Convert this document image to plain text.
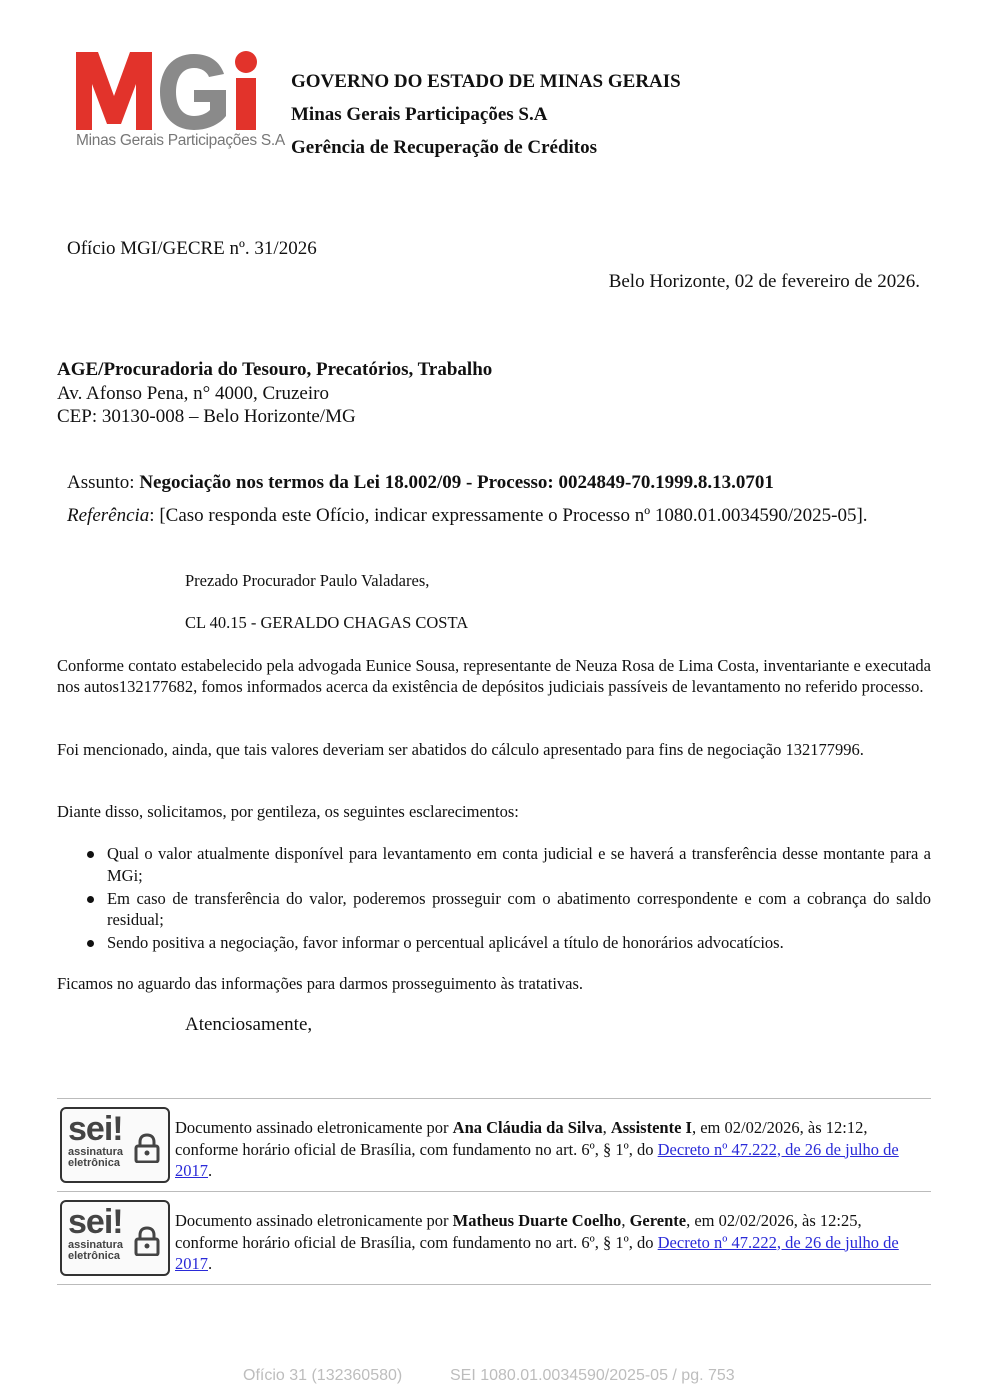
Minas Gerais Participações S.A
GOVERNO DO ESTADO DE MINAS GERAIS
Minas Gerais Participações S.A
Gerência de Recuperação de Créditos
Ofício MGI/GECRE nº. 31/2026
Belo Horizonte, 02 de fevereiro de 2026.
AGE/Procuradoria do Tesouro, Precatórios, Trabalho
Av. Afonso Pena, n° 4000, Cruzeiro
CEP: 30130-008 – Belo Horizonte/MG
Assunto: Negociação nos termos da Lei 18.002/09 - Processo: 0024849-70.1999.8.13.0701
Referência: [Caso responda este Ofício, indicar expressamente o Processo nº 1080.01.0034590/2025-05].
Prezado Procurador Paulo Valadares,
CL 40.15 - GERALDO CHAGAS COSTA
Conforme contato estabelecido pela advogada Eunice Sousa, representante de Neuza Rosa de Lima Costa, inventariante e executada nos autos132177682, fomos informados acerca da existência de depósitos judiciais passíveis de levantamento no referido processo.
Foi mencionado, ainda, que tais valores deveriam ser abatidos do cálculo apresentado para fins de negociação 132177996.
Diante disso, solicitamos, por gentileza, os seguintes esclarecimentos:
Qual o valor atualmente disponível para levantamento em conta judicial e se haverá a transferência desse montante para a MGi;
Em caso de transferência do valor, poderemos prosseguir com o abatimento correspondente e com a cobrança do saldo residual;
Sendo positiva a negociação, favor informar o percentual aplicável a título de honorários advocatícios.
Ficamos no aguardo das informações para darmos prosseguimento às tratativas.
Atenciosamente,
sei!
assinatura
eletrônica
Documento assinado eletronicamente por Ana Cláudia da Silva, Assistente I, em 02/02/2026, às 12:12, conforme horário oficial de Brasília, com fundamento no art. 6º, § 1º, do Decreto nº 47.222, de 26 de julho de 2017.
sei!
assinatura
eletrônica
Documento assinado eletronicamente por Matheus Duarte Coelho, Gerente, em 02/02/2026, às 12:25, conforme horário oficial de Brasília, com fundamento no art. 6º, § 1º, do Decreto nº 47.222, de 26 de julho de 2017.
Ofício 31 (132360580)	SEI 1080.01.0034590/2025-05 / pg. 753
